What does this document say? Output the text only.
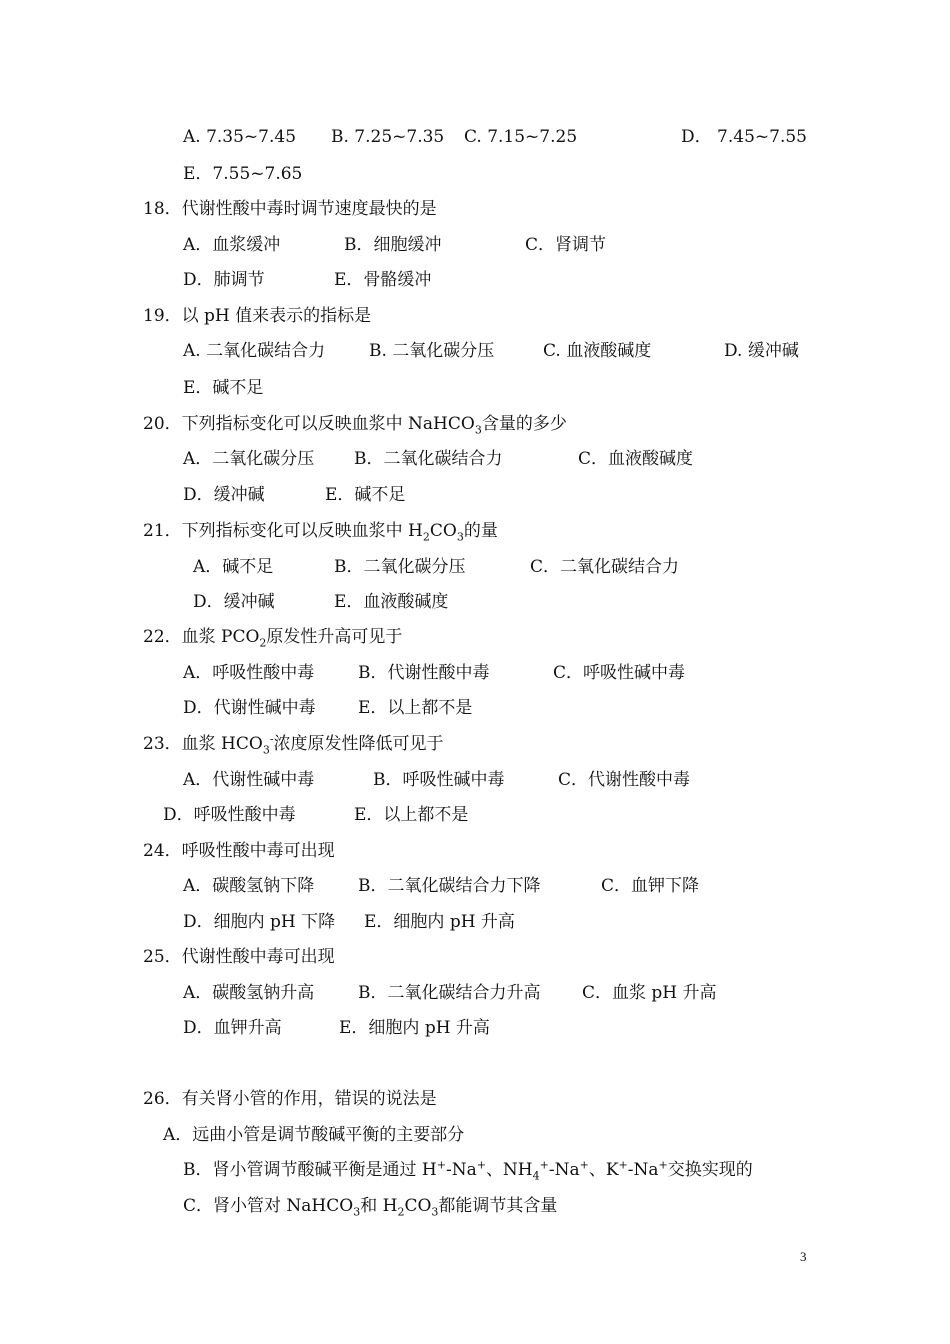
A. 7.35~7.45 B. 7.25~7.35 C. 7.15~7.25	D． 7.45~7.55
E．7.55~7.65
18．代谢性酸中毒时调节速度最快的是
A．血浆缓冲	B．细胞缓冲	C．肾调节
D．肺调节	E．骨骼缓冲
19．以 pH 值来表示的指标是
A. 二氧化碳结合力	B. 二氧化碳分压	C. 血液酸碱度	D. 缓冲碱
E．碱不足
20．下列指标变化可以反映血浆中 NaHCO$_3$含量的多少
A．二氧化碳分压 B．二氧化碳结合力	C．血液酸碱度
D．缓冲碱	E．碱不足
21．下列指标变化可以反映血浆中 $H_2CO_3$的量
A．碱不足	B．二氧化碳分压	C．二氧化碳结合力
D．缓冲碱	E．血液酸碱度
22．血浆 $PCO_2$原发性升高可见于
A．呼吸性酸中毒	B．代谢性酸中毒	C．呼吸性碱中毒
D．代谢性碱中毒 E．以上都不是
23．血浆 $HCO_3^-$浓度原发性降低可见于
A．代谢性碱中毒	B．呼吸性碱中毒	C．代谢性酸中毒
D．呼吸性酸中毒	E．以上都不是
24．呼吸性酸中毒可出现
A．碳酸氢钠下降	B．二氧化碳结合力下降	C．血钾下降
D．细胞内 pH 下降 E．细胞内 pH 升高
25．代谢性酸中毒可出现
A．碳酸氢钠升高	B．二氧化碳结合力升高 C．血浆 pH 升高
D．血钾升高	E．细胞内 pH 升高
26．有关肾小管的作用，错误的说法是
A．远曲小管是调节酸碱平衡的主要部分
B．肾小管调节酸碱平衡是通过 H+-Na+、$NH_4^+-Na^+$、K+-Na+交换实现的
C．肾小管对 NaHCO$_3$和 $H_2CO_3$都能调节其含量
3
